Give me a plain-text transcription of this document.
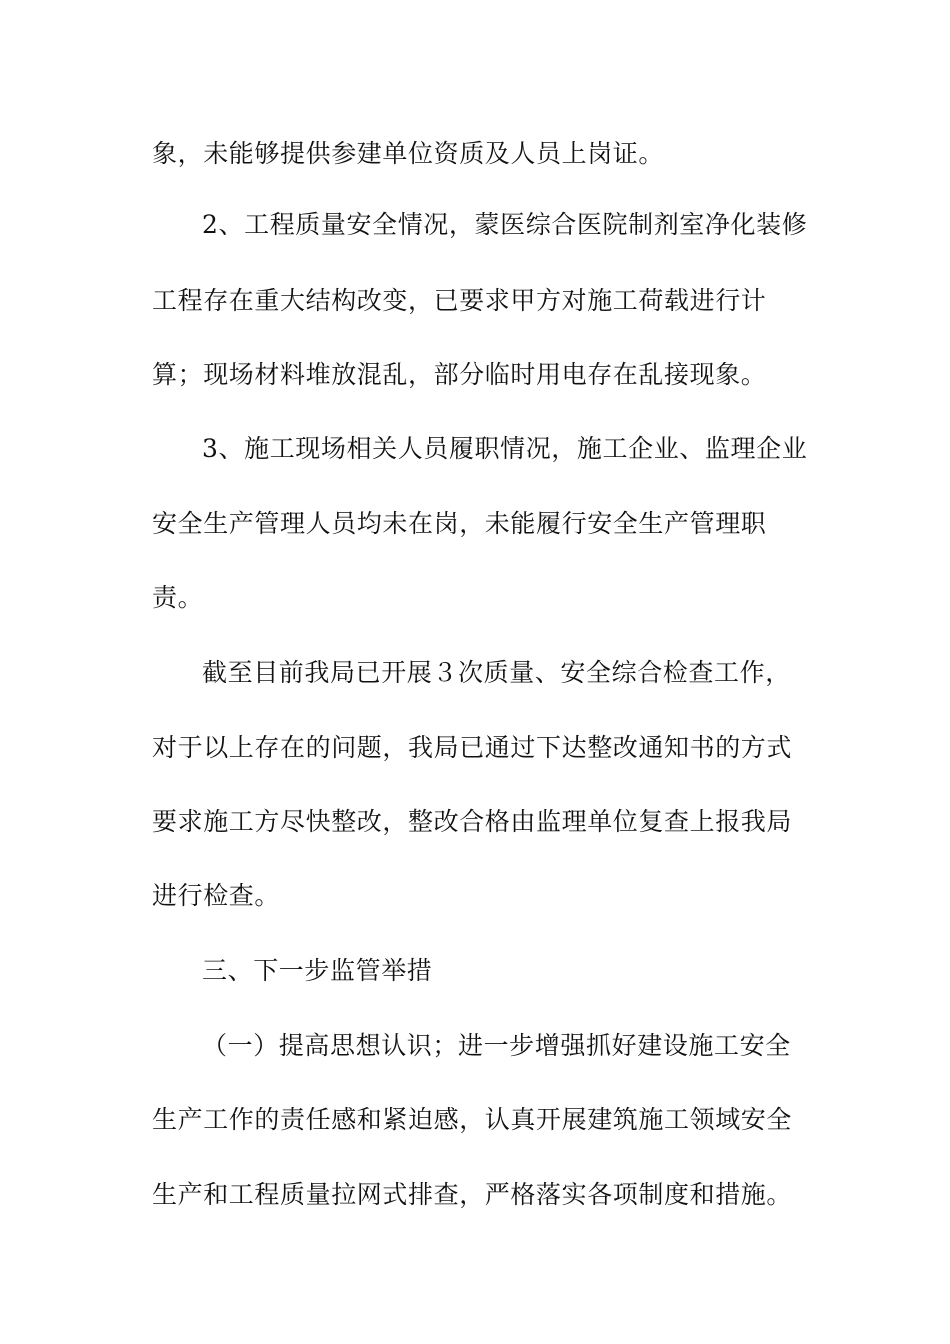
象，未能够提供参建单位资质及人员上岗证。
2、工程质量安全情况，蒙医综合医院制剂室净化装修
工程存在重大结构改变，已要求甲方对施工荷载进行计
算；现场材料堆放混乱，部分临时用电存在乱接现象。
3、施工现场相关人员履职情况，施工企业、监理企业
安全生产管理人员均未在岗，未能履行安全生产管理职
责。
截至目前我局已开展３次质量、安全综合检查工作，
对于以上存在的问题，我局已通过下达整改通知书的方式
要求施工方尽快整改，整改合格由监理单位复查上报我局
进行检查。
三、下一步监管举措
（一）提高思想认识；进一步增强抓好建设施工安全
生产工作的责任感和紧迫感，认真开展建筑施工领域安全
生产和工程质量拉网式排查，严格落实各项制度和措施。
